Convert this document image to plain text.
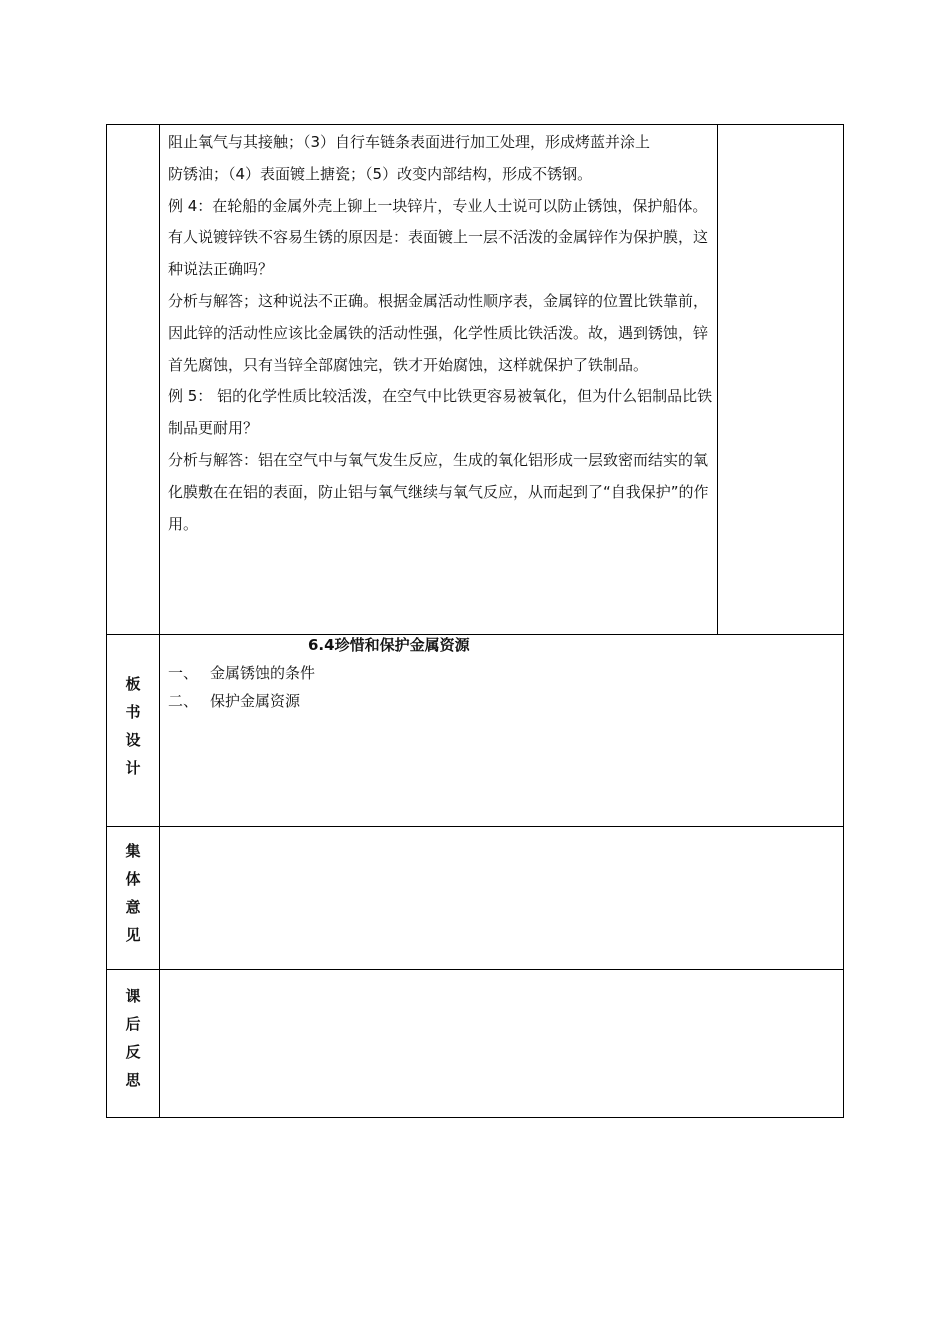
阻止氧气与其接触；（3）自行车链条表面进行加工处理，形成烤蓝并涂上

防锈油；（4）表面镀上搪瓷；（5）改变内部结构，形成不锈钢。

例 4：在轮船的金属外壳上铆上一块锌片，专业人士说可以防止锈蚀，保护船体。有人说镀锌铁不容易生锈的原因是：表面镀上一层不活泼的金属锌作为保护膜，这种说法正确吗？

分析与解答；这种说法不正确。根据金属活动性顺序表，金属锌的位置比铁靠前，因此锌的活动性应该比金属铁的活动性强，化学性质比铁活泼。故，遇到锈蚀，锌首先腐蚀，只有当锌全部腐蚀完，铁才开始腐蚀，这样就保护了铁制品。

例 5： 铝的化学性质比较活泼，在空气中比铁更容易被氧化，但为什么铝制品比铁制品更耐用？

分析与解答：铝在空气中与氧气发生反应，生成的氧化铝形成一层致密而结实的氧化膜敷在在铝的表面，防止铝与氧气继续与氧气反应，从而起到了“自我保护”的作用。

板
书
设
计
6.4珍惜和保护金属资源
一、 金属锈蚀的条件
二、 保护金属资源
集
体
意
见
课
后
反
思
